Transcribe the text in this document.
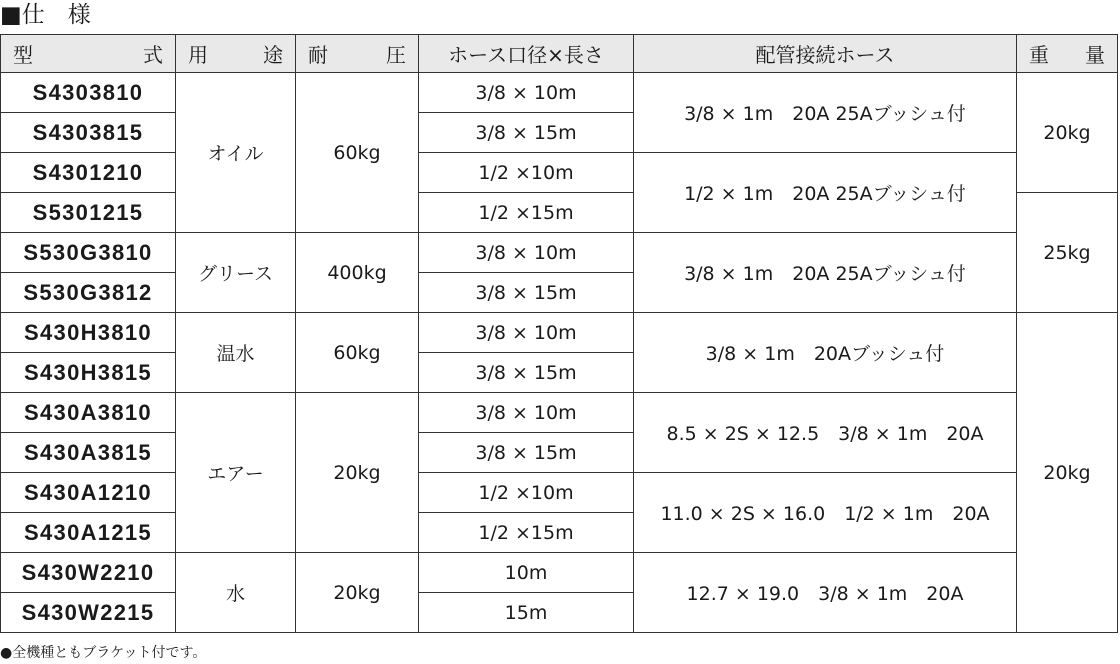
■仕　様
型 式	用 途	耐 圧	ホース口径×長さ	配管接続ホース	重 量

S4303810	オイル	60kg	3/8 × 10m	3/8 × 1m　20A 25Aブッシュ付	20kg
S4303815			3/8 × 15m		
S4301210			1/2 ×10m	1/2 × 1m　20A 25Aブッシュ付	
S5301215			1/2 ×15m		25kg
S530G3810	グリース	400kg	3/8 × 10m	3/8 × 1m　20A 25Aブッシュ付	
S530G3812			3/8 × 15m		
S430H3810	温水	60kg	3/8 × 10m	3/8 × 1m　20Aブッシュ付	20kg
S430H3815			3/8 × 15m		
S430A3810	エアー	20kg	3/8 × 10m	8.5 × 2S × 12.5　3/8 × 1m　20A	
S430A3815			3/8 × 15m		
S430A1210			1/2 ×10m	11.0 × 2S × 16.0　1/2 × 1m　20A	
S430A1215			1/2 ×15m		
S430W2210	水	20kg	10m	12.7 × 19.0　3/8 × 1m　20A	
S430W2215			15m		
●全機種ともブラケット付です。
